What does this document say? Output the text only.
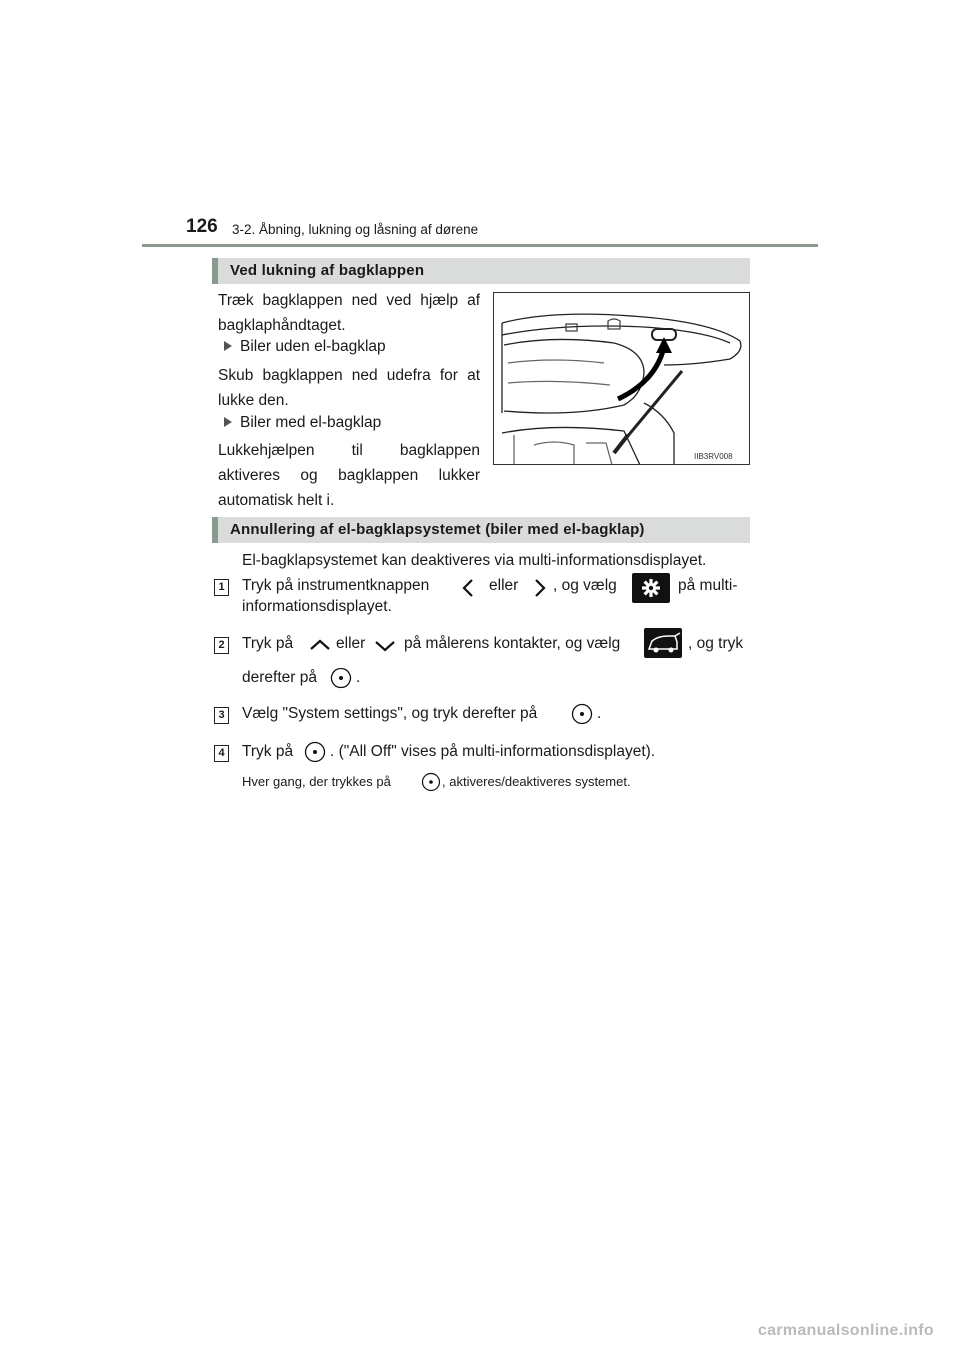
126 3-2. Åbning, lukning og låsning af dørene
Ved lukning af bagklappen
Træk bagklappen ned ved hjælp af bagklaphåndtaget.
Biler uden el-bagklap
Skub bagklappen ned udefra for at lukke den.
Biler med el-bagklap
Lukkehjælpen til bagklappen aktiveres og bagklappen lukker automatisk helt i.
IIB3RV008
Annullering af el-bagklapsystemet (biler med el-bagklap)
El-bagklapsystemet kan deaktiveres via multi-informationsdisplayet.
1 Tryk på instrumentknappen	eller , og vælg	på multi-
informationsdisplayet.
2 Tryk på	eller på målerens kontakter, og vælg	, og tryk
derefter på	.
3 Vælg "System settings", og tryk derefter på	.
4 Tryk på . ("All Off" vises på multi-informationsdisplayet).
Hver gang, der trykkes på	, aktiveres/deaktiveres systemet.
carmanualsonline.info
